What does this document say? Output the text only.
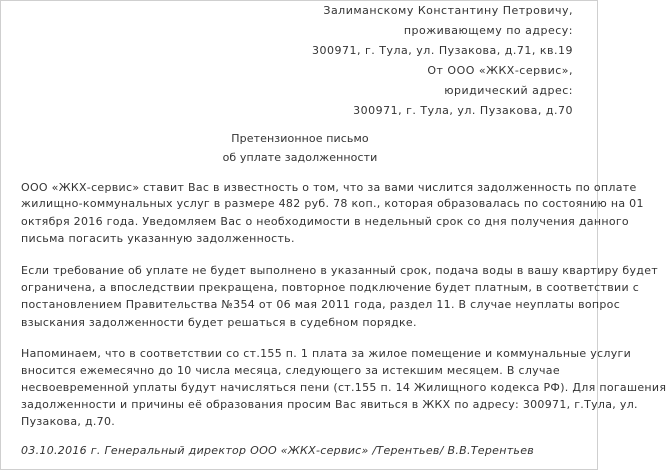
Залиманскому Константину Петровичу,
проживающему по адресу:
300971, г. Тула, ул. Пузакова, д.71, кв.19
От ООО «ЖКХ-сервис»,
юридический адрес:
300971, г. Тула, ул. Пузакова, д.70
Претензионное письмо
об уплате задолженности
ООО «ЖКХ-сервис» ставит Вас в известность о том, что за вами числится задолженность по оплате
жилищно-коммунальных услуг в размере 482 руб. 78 коп., которая образовалась по состоянию на 01
октября 2016 года. Уведомляем Вас о необходимости в недельный срок со дня получения данного
письма погасить указанную задолженность.
Если требование об уплате не будет выполнено в указанный срок, подача воды в вашу квартиру будет
ограничена, а впоследствии прекращена, повторное подключение будет платным, в соответствии с
постановлением Правительства №354 от 06 мая 2011 года, раздел 11. В случае неуплаты вопрос
взыскания задолженности будет решаться в судебном порядке.
Напоминаем, что в соответствии со ст.155 п. 1 плата за жилое помещение и коммунальные услуги
вносится ежемесячно до 10 числа месяца, следующего за истекшим месяцем. В случае
несвоевременной уплаты будут начисляться пени (ст.155 п. 14 Жилищного кодекса РФ). Для погашения
задолженности и причины её образования просим Вас явиться в ЖКХ по адресу: 300971, г.Тула, ул.
Пузакова, д.70.
03.10.2016 г. Генеральный директор ООО «ЖКХ-сервис» /Терентьев/ В.В.Терентьев
